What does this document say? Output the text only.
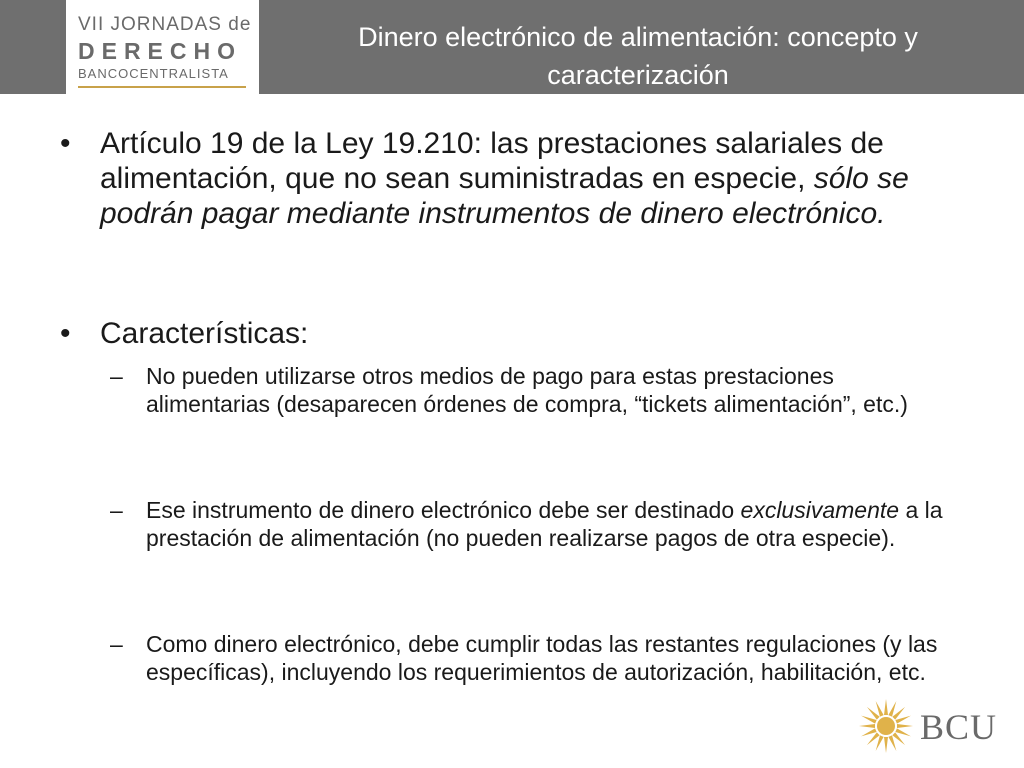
VII JORNADAS de
DERECHO
BANCOCENTRALISTA
Dinero electrónico de alimentación: concepto y caracterización
• Artículo 19 de la Ley 19.210: las prestaciones salariales de alimentación, que no sean suministradas en especie, sólo se podrán pagar mediante instrumentos de dinero electrónico.
• Características:
– No pueden utilizarse otros medios de pago para estas prestaciones alimentarias (desaparecen órdenes de compra, “tickets alimentación”, etc.)
– Ese instrumento de dinero electrónico debe ser destinado exclusivamente a la prestación de alimentación (no pueden realizarse pagos de otra especie).
– Como dinero electrónico, debe cumplir todas las restantes regulaciones (y las específicas), incluyendo los requerimientos de autorización, habilitación, etc.
BCU
